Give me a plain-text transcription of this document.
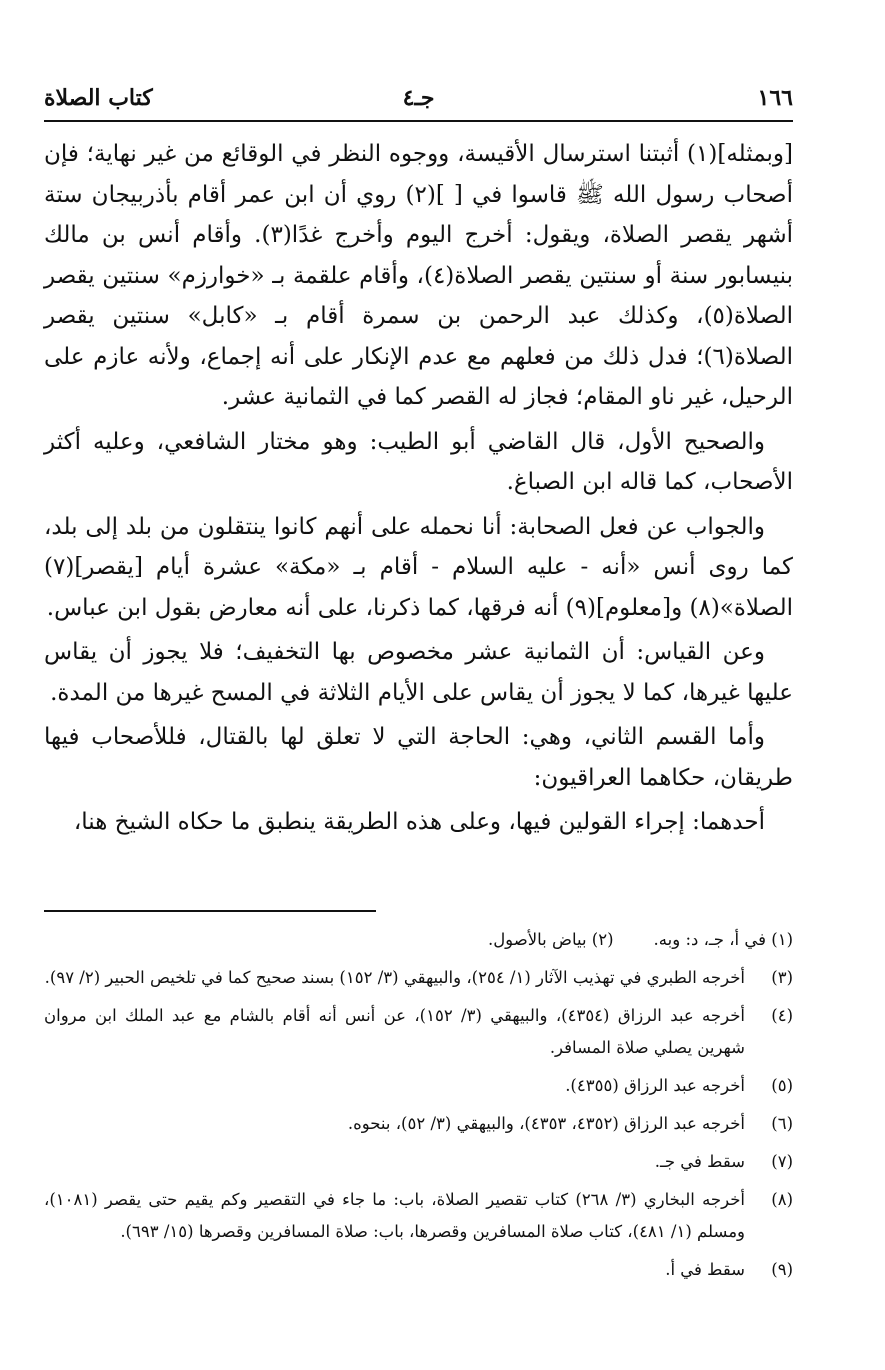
١٦٦
جـ٤
كتاب الصلاة

[وبمثله](١) أثبتنا استرسال الأقيسة، ووجوه النظر في الوقائع من غير نهاية؛ فإن أصحاب رسول الله ﷺ قاسوا في [ ](٢) روي أن ابن عمر أقام بأذربيجان ستة أشهر يقصر الصلاة، ويقول: أخرج اليوم وأخرج غدًا(٣). وأقام أنس بن مالك بنيسابور سنة أو سنتين يقصر الصلاة(٤)، وأقام علقمة بـ «خوارزم» سنتين يقصر الصلاة(٥)، وكذلك عبد الرحمن بن سمرة أقام بـ «كابل» سنتين يقصر الصلاة(٦)؛ فدل ذلك من فعلهم مع عدم الإنكار على أنه إجماع، ولأنه عازم على الرحيل، غير ناو المقام؛ فجاز له القصر كما في الثمانية عشر.

والصحيح الأول، قال القاضي أبو الطيب: وهو مختار الشافعي، وعليه أكثر الأصحاب، كما قاله ابن الصباغ.

والجواب عن فعل الصحابة: أنا نحمله على أنهم كانوا ينتقلون من بلد إلى بلد، كما روى أنس «أنه - عليه السلام - أقام بـ «مكة» عشرة أيام [يقصر](٧) الصلاة»(٨) و[معلوم](٩) أنه فرقها، كما ذكرنا، على أنه معارض بقول ابن عباس.

وعن القياس: أن الثمانية عشر مخصوص بها التخفيف؛ فلا يجوز أن يقاس عليها غيرها، كما لا يجوز أن يقاس على الأيام الثلاثة في المسح غيرها من المدة.

وأما القسم الثاني، وهي: الحاجة التي لا تعلق لها بالقتال، فللأصحاب فيها طريقان، حكاهما العراقيون:

أحدهما: إجراء القولين فيها، وعلى هذه الطريقة ينطبق ما حكاه الشيخ هنا،

(١) في أ، جـ، د: وبه.
(٢) بياض بالأصول.
(٣)
أخرجه الطبري في تهذيب الآثار (١/ ٢٥٤)، والبيهقي (٣/ ١٥٢) بسند صحيح كما في تلخيص الحبير (٢/ ٩٧).
(٤)
أخرجه عبد الرزاق (٤٣٥٤)، والبيهقي (٣/ ١٥٢)، عن أنس أنه أقام بالشام مع عبد الملك ابن مروان شهرين يصلي صلاة المسافر.
(٥)
أخرجه عبد الرزاق (٤٣٥٥).
(٦)
أخرجه عبد الرزاق (٤٣٥٢، ٤٣٥٣)، والبيهقي (٣/ ٥٢)، بنحوه.
(٧)
سقط في جـ.
(٨)
أخرجه البخاري (٣/ ٢٦٨) كتاب تقصير الصلاة، باب: ما جاء في التقصير وكم يقيم حتى يقصر (١٠٨١)، ومسلم (١/ ٤٨١)، كتاب صلاة المسافرين وقصرها، باب: صلاة المسافرين وقصرها (١٥/ ٦٩٣).
(٩)
سقط في أ.
